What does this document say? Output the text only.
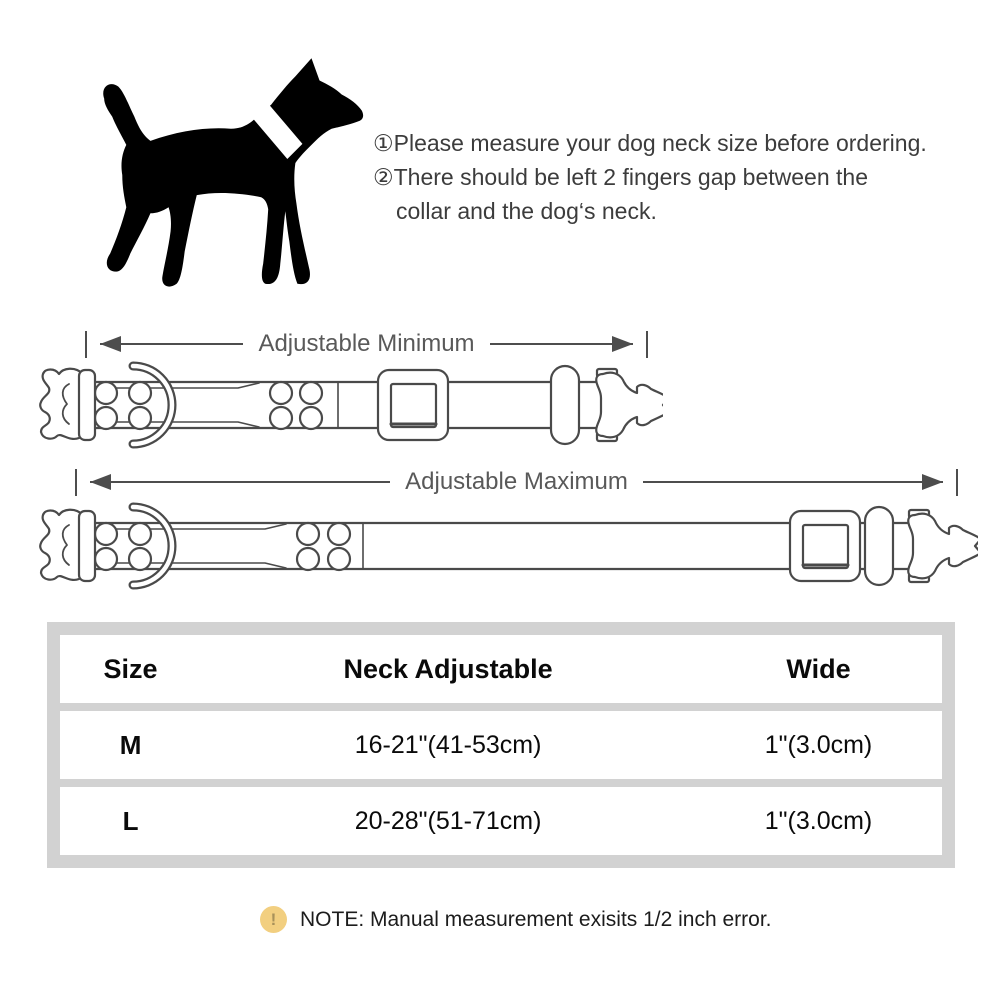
①Please measure your dog neck size before ordering.
②There should be left 2 fingers gap between the
collar and the dog‘s neck.
Adjustable Minimum
Adjustable Maximum
Size	Neck Adjustable	Wide
M	16-21"(41-53cm)	1"(3.0cm)
L	20-28"(51-71cm)	1"(3.0cm)
!	NOTE: Manual measurement exisits 1/2 inch error.
